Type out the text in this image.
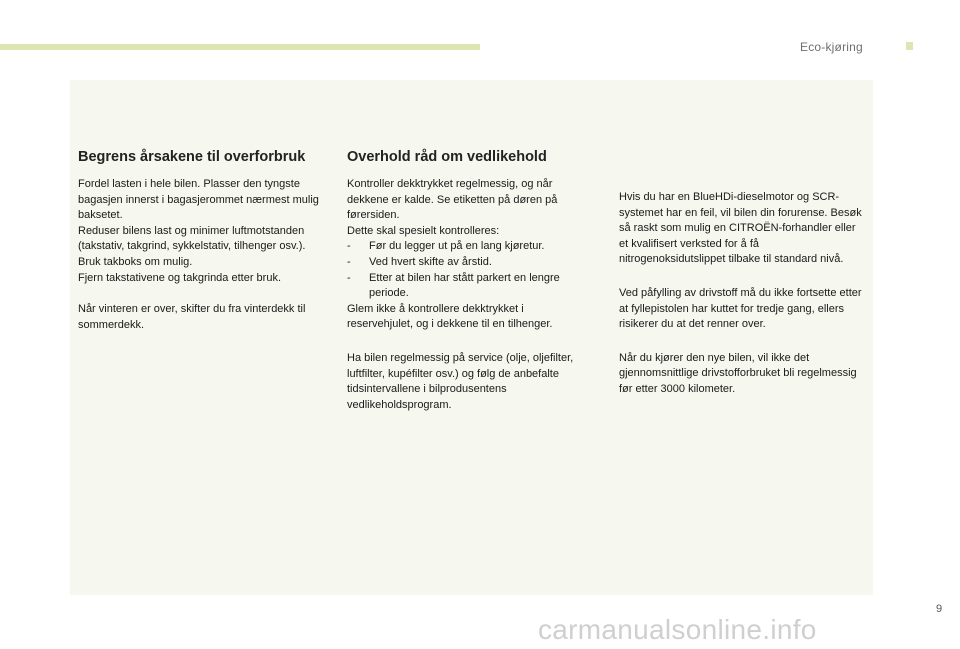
Eco-kjøring
Begrens årsakene til overforbruk

Fordel lasten i hele bilen. Plasser den tyngste bagasjen innerst i bagasjerommet nærmest mulig baksetet.

Reduser bilens last og minimer luftmotstanden (takstativ, takgrind, sykkelstativ, tilhenger osv.). Bruk takboks om mulig.

Fjern takstativene og takgrinda etter bruk.

Når vinteren er over, skifter du fra vinterdekk til sommerdekk.

Overhold råd om vedlikehold

Kontroller dekktrykket regelmessig, og når dekkene er kalde. Se etiketten på døren på førersiden.

Dette skal spesielt kontrolleres:

- Før du legger ut på en lang kjøretur.
- Ved hvert skifte av årstid.
- Etter at bilen har stått parkert en lengre periode.

Glem ikke å kontrollere dekktrykket i reservehjulet, og i dekkene til en tilhenger.

Ha bilen regelmessig på service (olje, oljefilter, luftfilter, kupéfilter osv.) og følg de anbefalte tidsintervallene i bilprodusentens vedlikeholdsprogram.

Hvis du har en BlueHDi-dieselmotor og SCR-systemet har en feil, vil bilen din forurense. Besøk så raskt som mulig en CITROËN-forhandler eller et kvalifisert verksted for å få nitrogenoksidutslippet tilbake til standard nivå.

Ved påfylling av drivstoff må du ikke fortsette etter at fyllepistolen har kuttet for tredje gang, ellers risikerer du at det renner over.

Når du kjører den nye bilen, vil ikke det gjennomsnittlige drivstofforbruket bli regelmessig før etter 3000 kilometer.

9
carmanualsonline.info
